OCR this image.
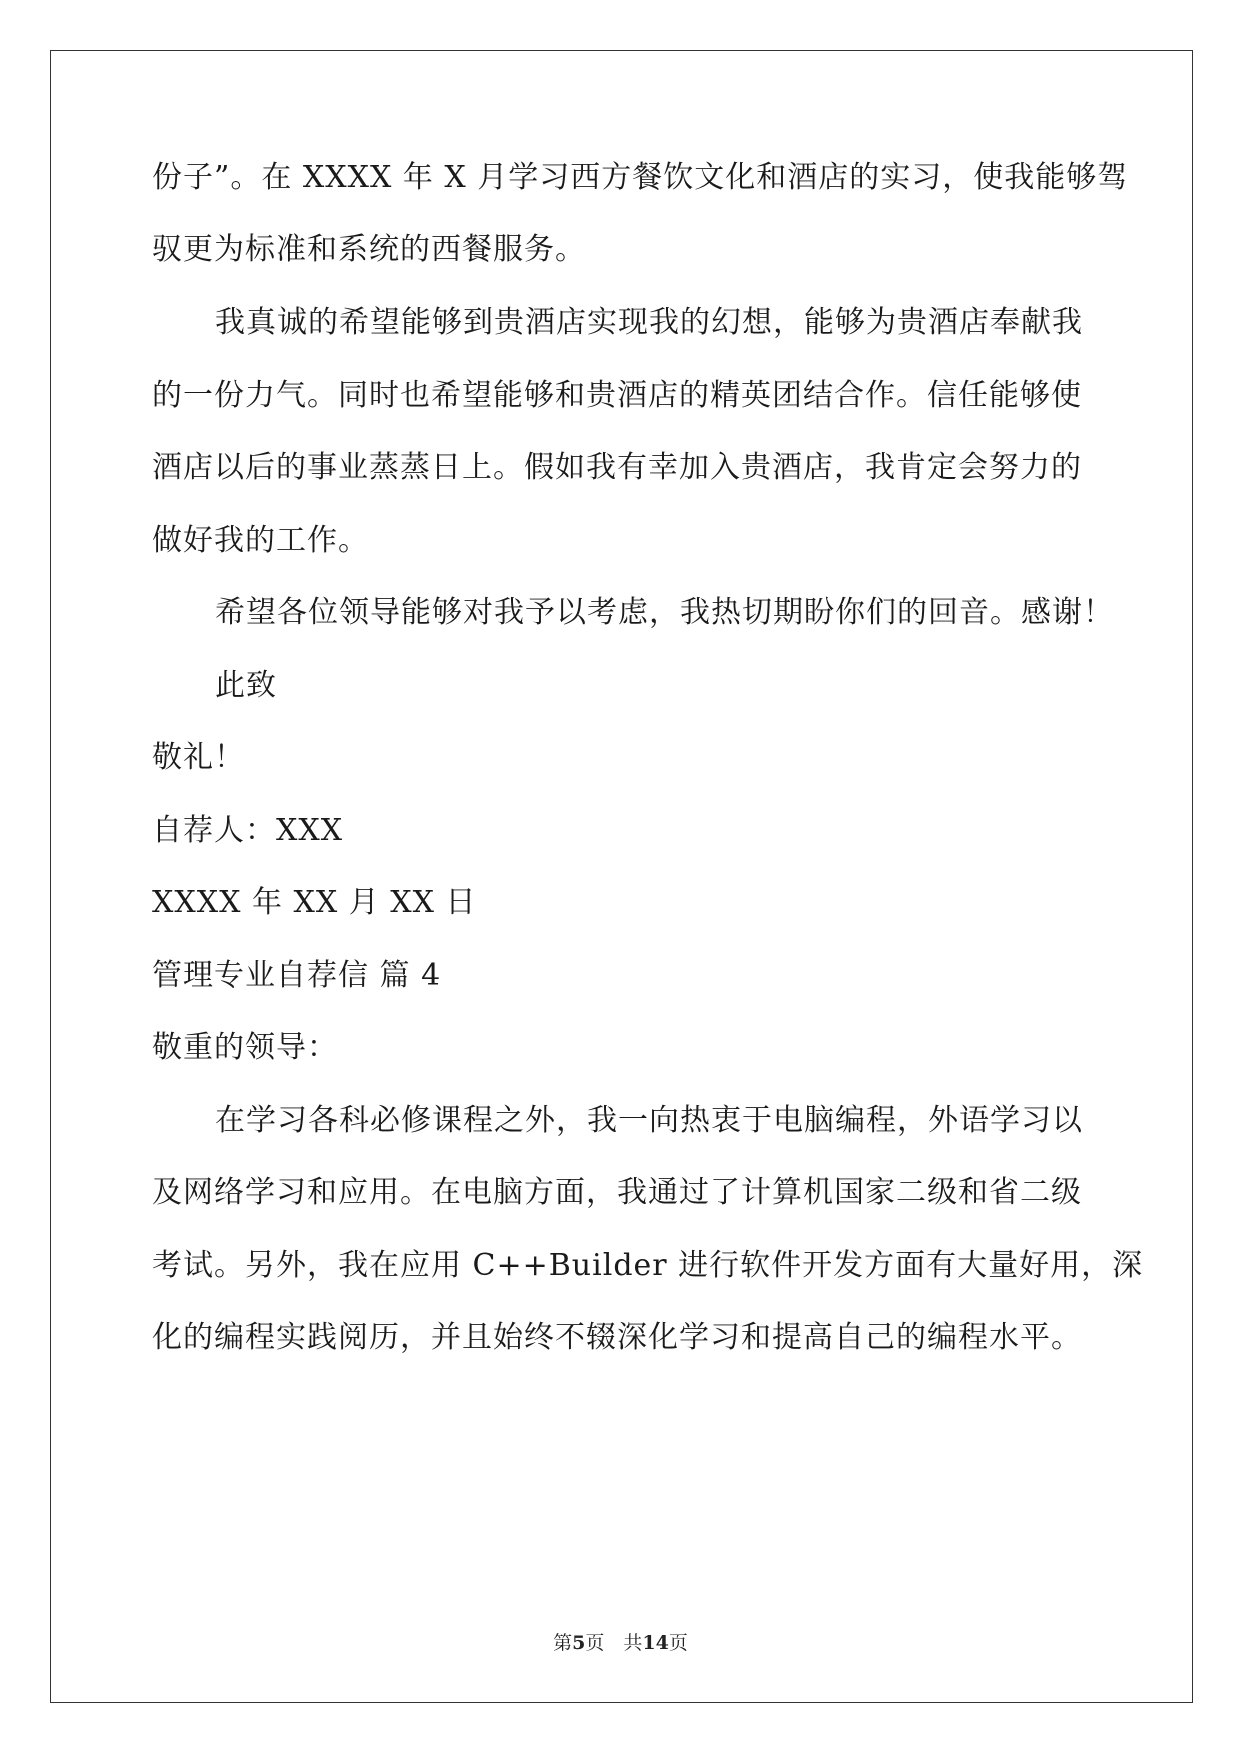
份子”。在 XXXX 年 X 月学习西方餐饮文化和酒店的实习，使我能够驾

驭更为标准和系统的西餐服务。

我真诚的希望能够到贵酒店实现我的幻想，能够为贵酒店奉献我

的一份力气。同时也希望能够和贵酒店的精英团结合作。信任能够使

酒店以后的事业蒸蒸日上。假如我有幸加入贵酒店，我肯定会努力的

做好我的工作。

希望各位领导能够对我予以考虑，我热切期盼你们的回音。感谢！

此致

敬礼！

自荐人：XXX

XXXX 年 XX 月 XX 日

管理专业自荐信 篇 4

敬重的领导：

在学习各科必修课程之外，我一向热衷于电脑编程，外语学习以

及网络学习和应用。在电脑方面，我通过了计算机国家二级和省二级

考试。另外，我在应用 C++Builder 进行软件开发方面有大量好用，深

化的编程实践阅历，并且始终不辍深化学习和提高自己的编程水平。

第5页　 共14页
